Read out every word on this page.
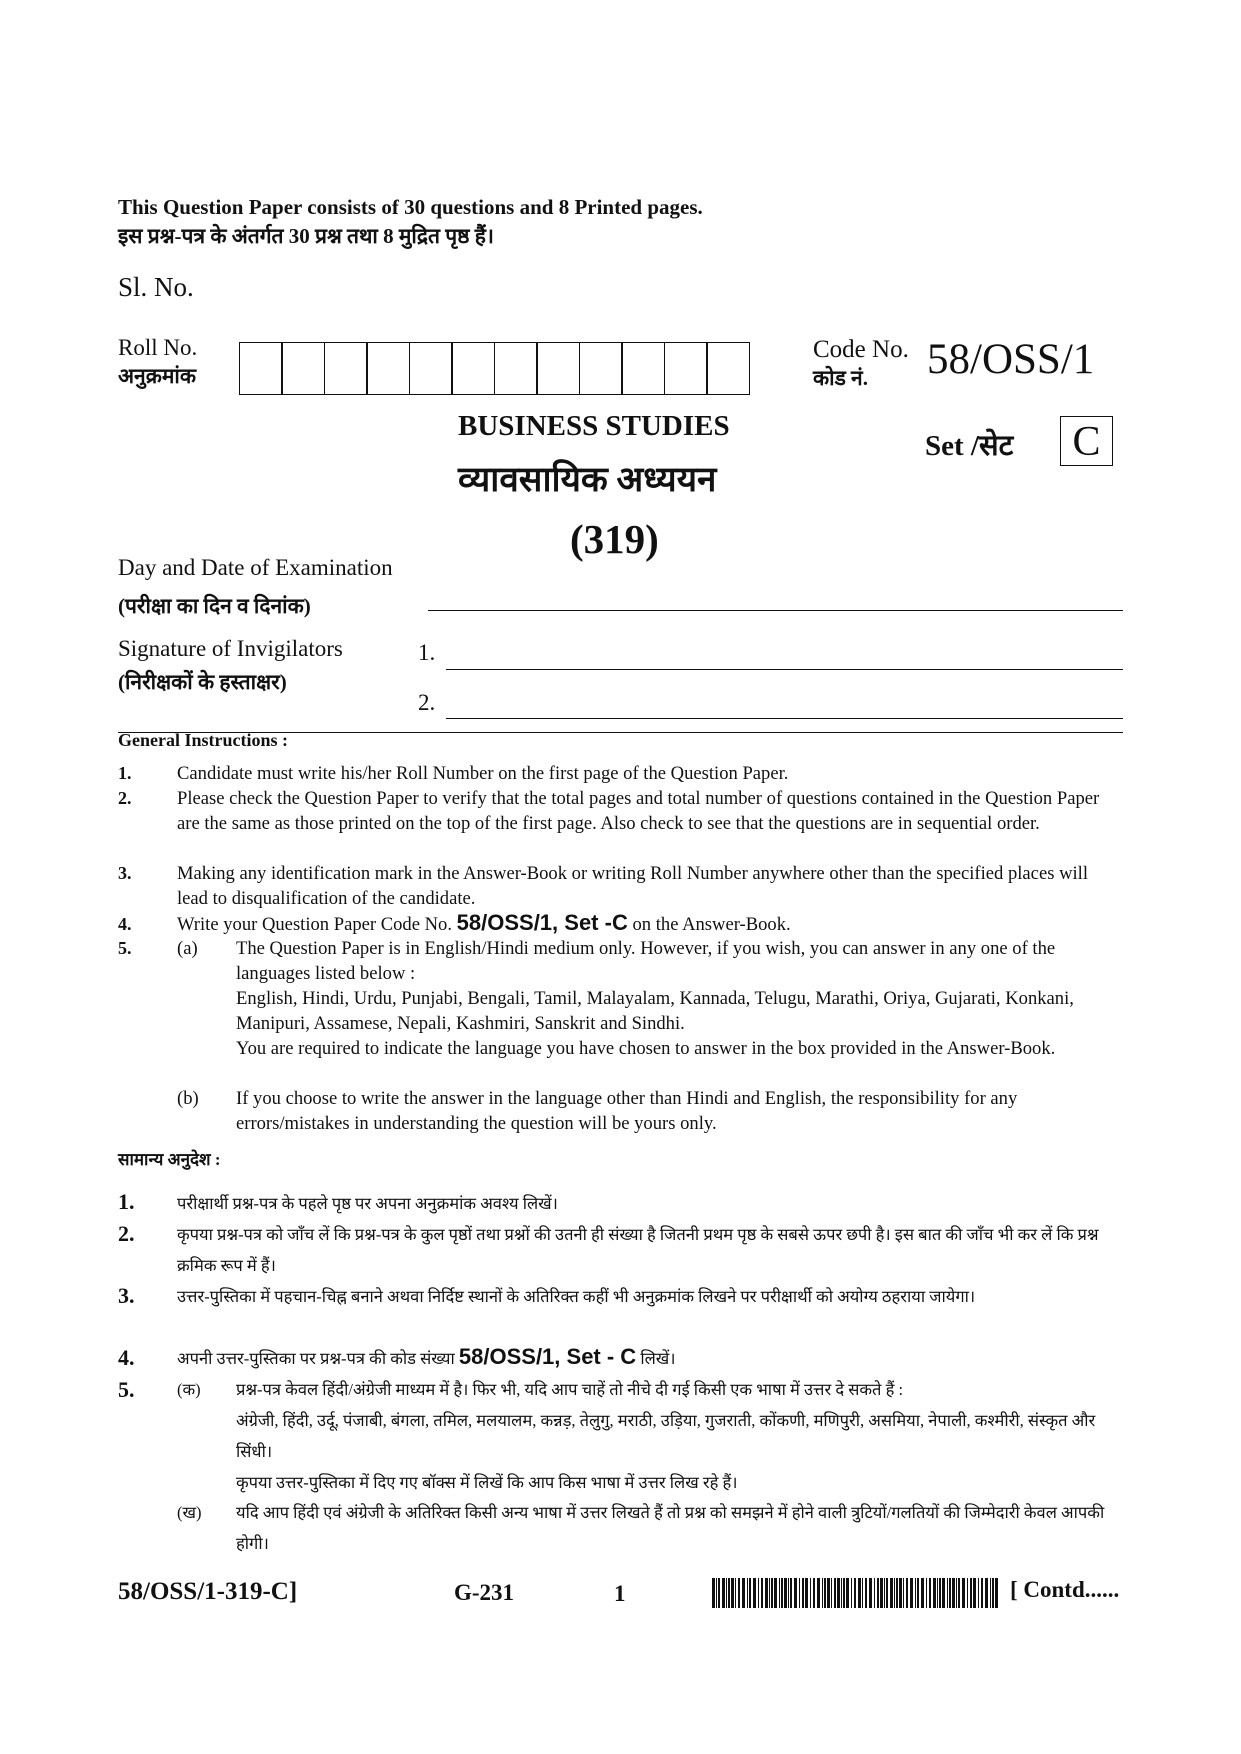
This Question Paper consists of 30 questions and 8 Printed pages.
इस प्रश्न-पत्र के अंतर्गत 30 प्रश्न तथा 8 मुद्रित पृष्ठ हैं।
Sl. No.
Roll No.
अनुक्रमांक
Code No.
कोड नं. 58/OSS/1
BUSINESS STUDIES
व्यावसायिक अध्ययन
(319)
Set /सेट C
Day and Date of Examination
(परीक्षा का दिन व दिनांक)
Signature of Invigilators
(निरीक्षकों के हस्ताक्षर)
1.
2.
General Instructions :
1. Candidate must write his/her Roll Number on the first page of the Question Paper.
2. Please check the Question Paper to verify that the total pages and total number of questions contained in the Question Paper are the same as those printed on the top of the first page. Also check to see that the questions are in sequential order.
3. Making any identification mark in the Answer-Book or writing Roll Number anywhere other than the specified places will lead to disqualification of the candidate.
4. Write your Question Paper Code No. 58/OSS/1, Set -C on the Answer-Book.
5. (a) The Question Paper is in English/Hindi medium only. However, if you wish, you can answer in any one of the languages listed below :
English, Hindi, Urdu, Punjabi, Bengali, Tamil, Malayalam, Kannada, Telugu, Marathi, Oriya, Gujarati, Konkani, Manipuri, Assamese, Nepali, Kashmiri, Sanskrit and Sindhi.
You are required to indicate the language you have chosen to answer in the box provided in the Answer-Book.
(b) If you choose to write the answer in the language other than Hindi and English, the responsibility for any errors/mistakes in understanding the question will be yours only.
सामान्य अनुदेश :
1.	परीक्षार्थी प्रश्न-पत्र के पहले पृष्ठ पर अपना अनुक्रमांक अवश्य लिखें।
2.	कृपया प्रश्न-पत्र को जाँच लें कि प्रश्न-पत्र के कुल पृष्ठों तथा प्रश्नों की उतनी ही संख्या है जितनी प्रथम पृष्ठ के सबसे ऊपर छपी है। इस बात की जाँच भी कर लें कि प्रश्न क्रमिक रूप में हैं।
3.	उत्तर-पुस्तिका में पहचान-चिह्न बनाने अथवा निर्दिष्ट स्थानों के अतिरिक्त कहीं भी अनुक्रमांक लिखने पर परीक्षार्थी को अयोग्य ठहराया जायेगा।
4.	अपनी उत्तर-पुस्तिका पर प्रश्न-पत्र की कोड संख्या 58/OSS/1, Set - C लिखें।
5.	(क) प्रश्न-पत्र केवल हिंदी/अंग्रेजी माध्यम में है। फिर भी, यदि आप चाहें तो नीचे दी गई किसी एक भाषा में उत्तर दे सकते हैं :
अंग्रेजी, हिंदी, उर्दू, पंजाबी, बंगला, तमिल, मलयालम, कन्नड़, तेलुगु, मराठी, उड़िया, गुजराती, कोंकणी, मणिपुरी, असमिया, नेपाली, कश्मीरी, संस्कृत और सिंधी।
कृपया उत्तर-पुस्तिका में दिए गए बॉक्स में लिखें कि आप किस भाषा में उत्तर लिख रहे हैं।
(ख) यदि आप हिंदी एवं अंग्रेजी के अतिरिक्त किसी अन्य भाषा में उत्तर लिखते हैं तो प्रश्न को समझने में होने वाली त्रुटियों/गलतियों की जिम्मेदारी केवल आपकी होगी।
58/OSS/1-319-C]	G-231	1	[ Contd......
